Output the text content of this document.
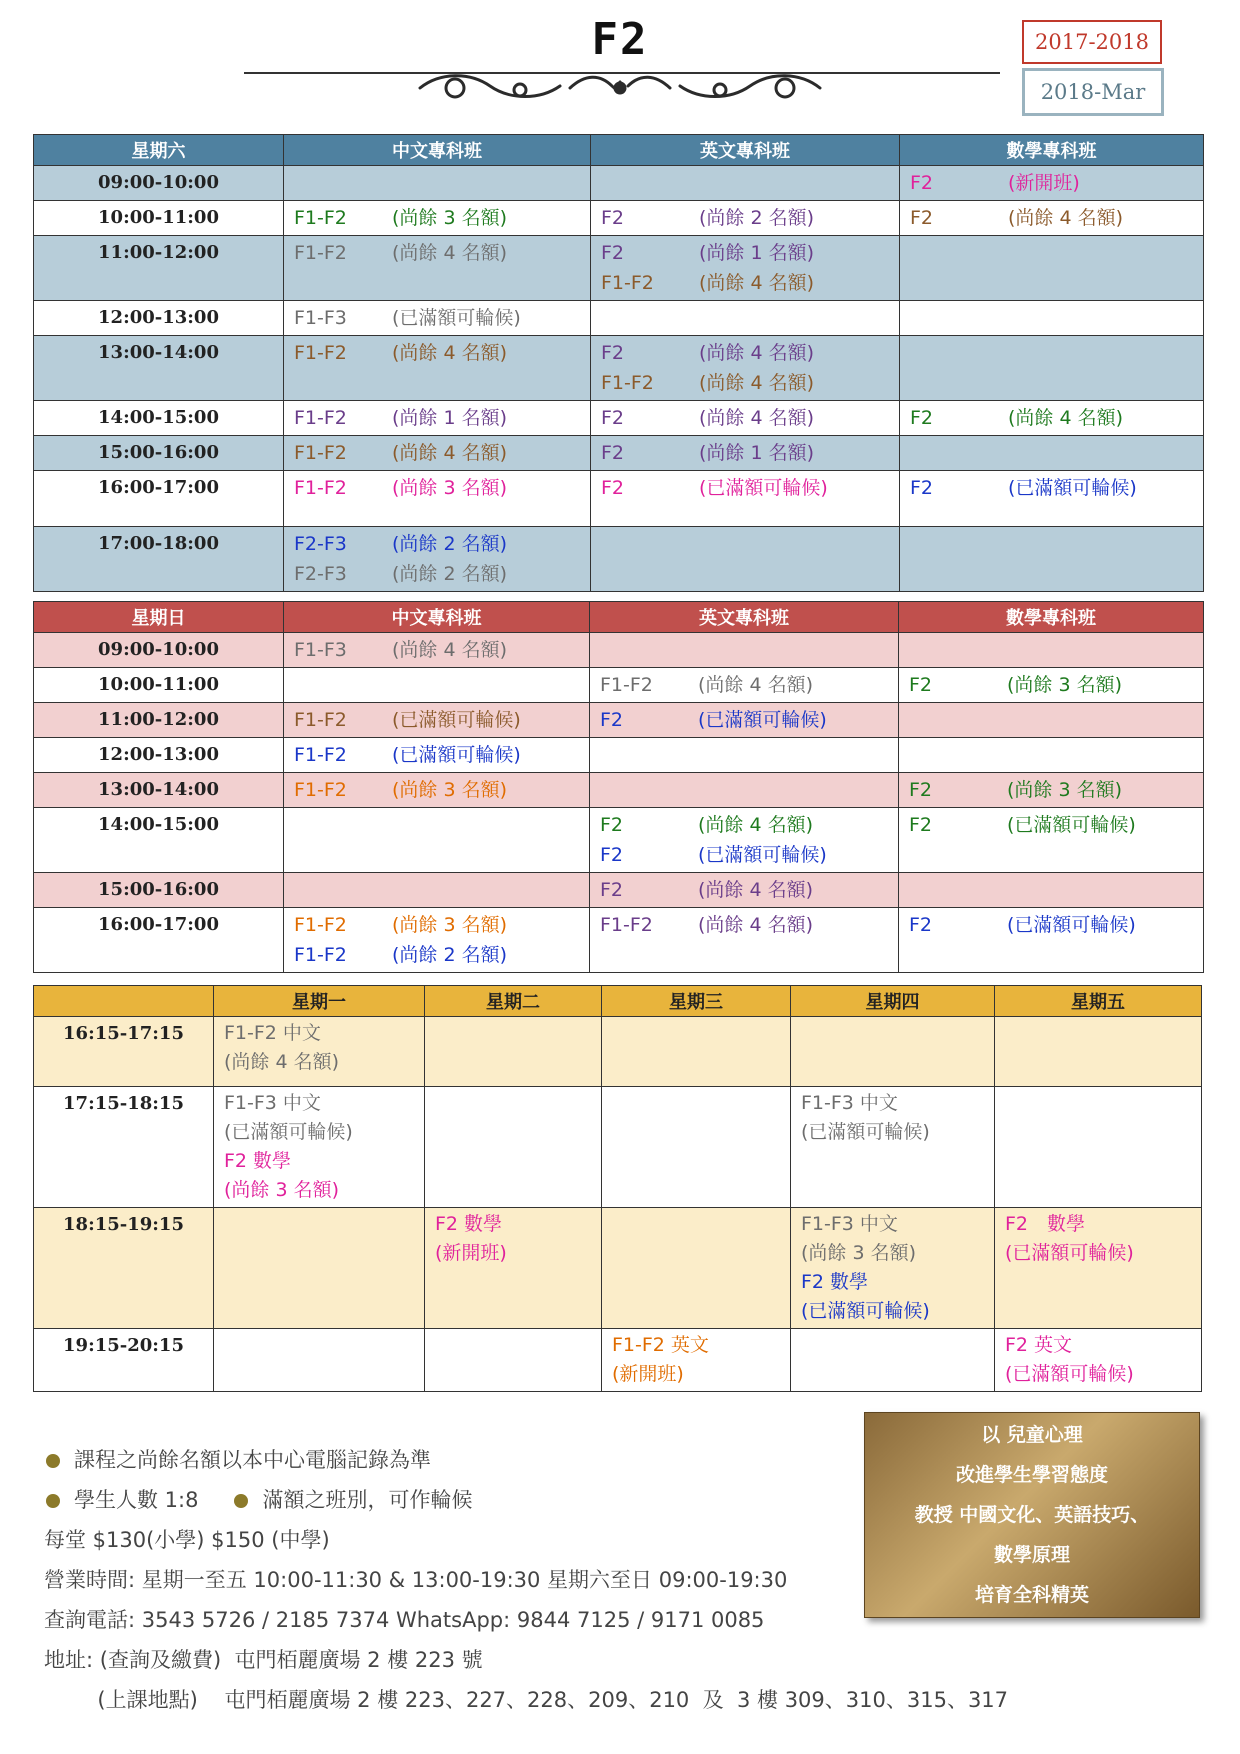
F2	2017-2018
2018-Mar
星期六	中文專科班	英文專科班	數學專科班
09:00-10:00			F2 (新開班)

10:00-11:00	F1-F2 (尚餘 3 名額)	F2 (尚餘 2 名額)	F2 (尚餘 4 名額)

11:00-12:00	F1-F2 (尚餘 4 名額)	F2 (尚餘 1 名額)
F1-F2 (尚餘 4 名額)	

12:00-13:00	F1-F3 (已滿額可輪候)		

13:00-14:00	F1-F2 (尚餘 4 名額)	F2 (尚餘 4 名額)
F1-F2 (尚餘 4 名額)	

14:00-15:00	F1-F2 (尚餘 1 名額)	F2 (尚餘 4 名額)	F2 (尚餘 4 名額)

15:00-16:00	F1-F2 (尚餘 4 名額)	F2 (尚餘 1 名額)	

16:00-17:00	F1-F2 (尚餘 3 名額)	F2 (已滿額可輪候)	F2 (已滿額可輪候)

17:00-18:00	F2-F3 (尚餘 2 名額)
F2-F3 (尚餘 2 名額)		

星期日	中文專科班	英文專科班	數學專科班
09:00-10:00	F1-F3 (尚餘 4 名額)		

10:00-11:00		F1-F2 (尚餘 4 名額)	F2 (尚餘 3 名額)

11:00-12:00	F1-F2 (已滿額可輪候)	F2 (已滿額可輪候)	

12:00-13:00	F1-F2 (已滿額可輪候)		

13:00-14:00	F1-F2 (尚餘 3 名額)		F2 (尚餘 3 名額)

14:00-15:00		F2 (尚餘 4 名額)
F2 (已滿額可輪候)	F2 (已滿額可輪候)

15:00-16:00		F2 (尚餘 4 名額)	

16:00-17:00	F1-F2 (尚餘 3 名額)
F1-F2 (尚餘 2 名額)	F1-F2 (尚餘 4 名額)	F2 (已滿額可輪候)
	星期一	星期二	星期三	星期四	星期五
16:15-17:15	F1-F2 中文
(尚餘 4 名額)				

17:15-18:15	F1-F3 中文
(已滿額可輪候)
F2 數學
(尚餘 3 名額)			F1-F3 中文
(已滿額可輪候)	

18:15-19:15		F2 數學
(新開班)		F1-F3 中文
(尚餘 3 名額)
F2 數學
(已滿額可輪候)	F2　數學
(已滿額可輪候)

19:15-20:15			F1-F2 英文
(新開班)		F2 英文
(已滿額可輪候)
課程之尚餘名額以本中心電腦記錄為準
學生人數 1:8	滿額之班別，可作輪候
每堂 $130(小學) $150 (中學)
營業時間: 星期一至五 10:00-11:30 & 13:00-19:30 星期六至日 09:00-19:30
查詢電話: 3543 5726 / 2185 7374 WhatsApp: 9844 7125 / 9171 0085
地址: (查詢及繳費)  屯門栢麗廣場 2 樓 223 號
(上課地點)    屯門栢麗廣場 2 樓 223、227、228、209、210  及  3 樓 309、310、315、317
以 兒童心理
改進學生學習態度
教授 中國文化、英語技巧、
數學原理
培育全科精英
